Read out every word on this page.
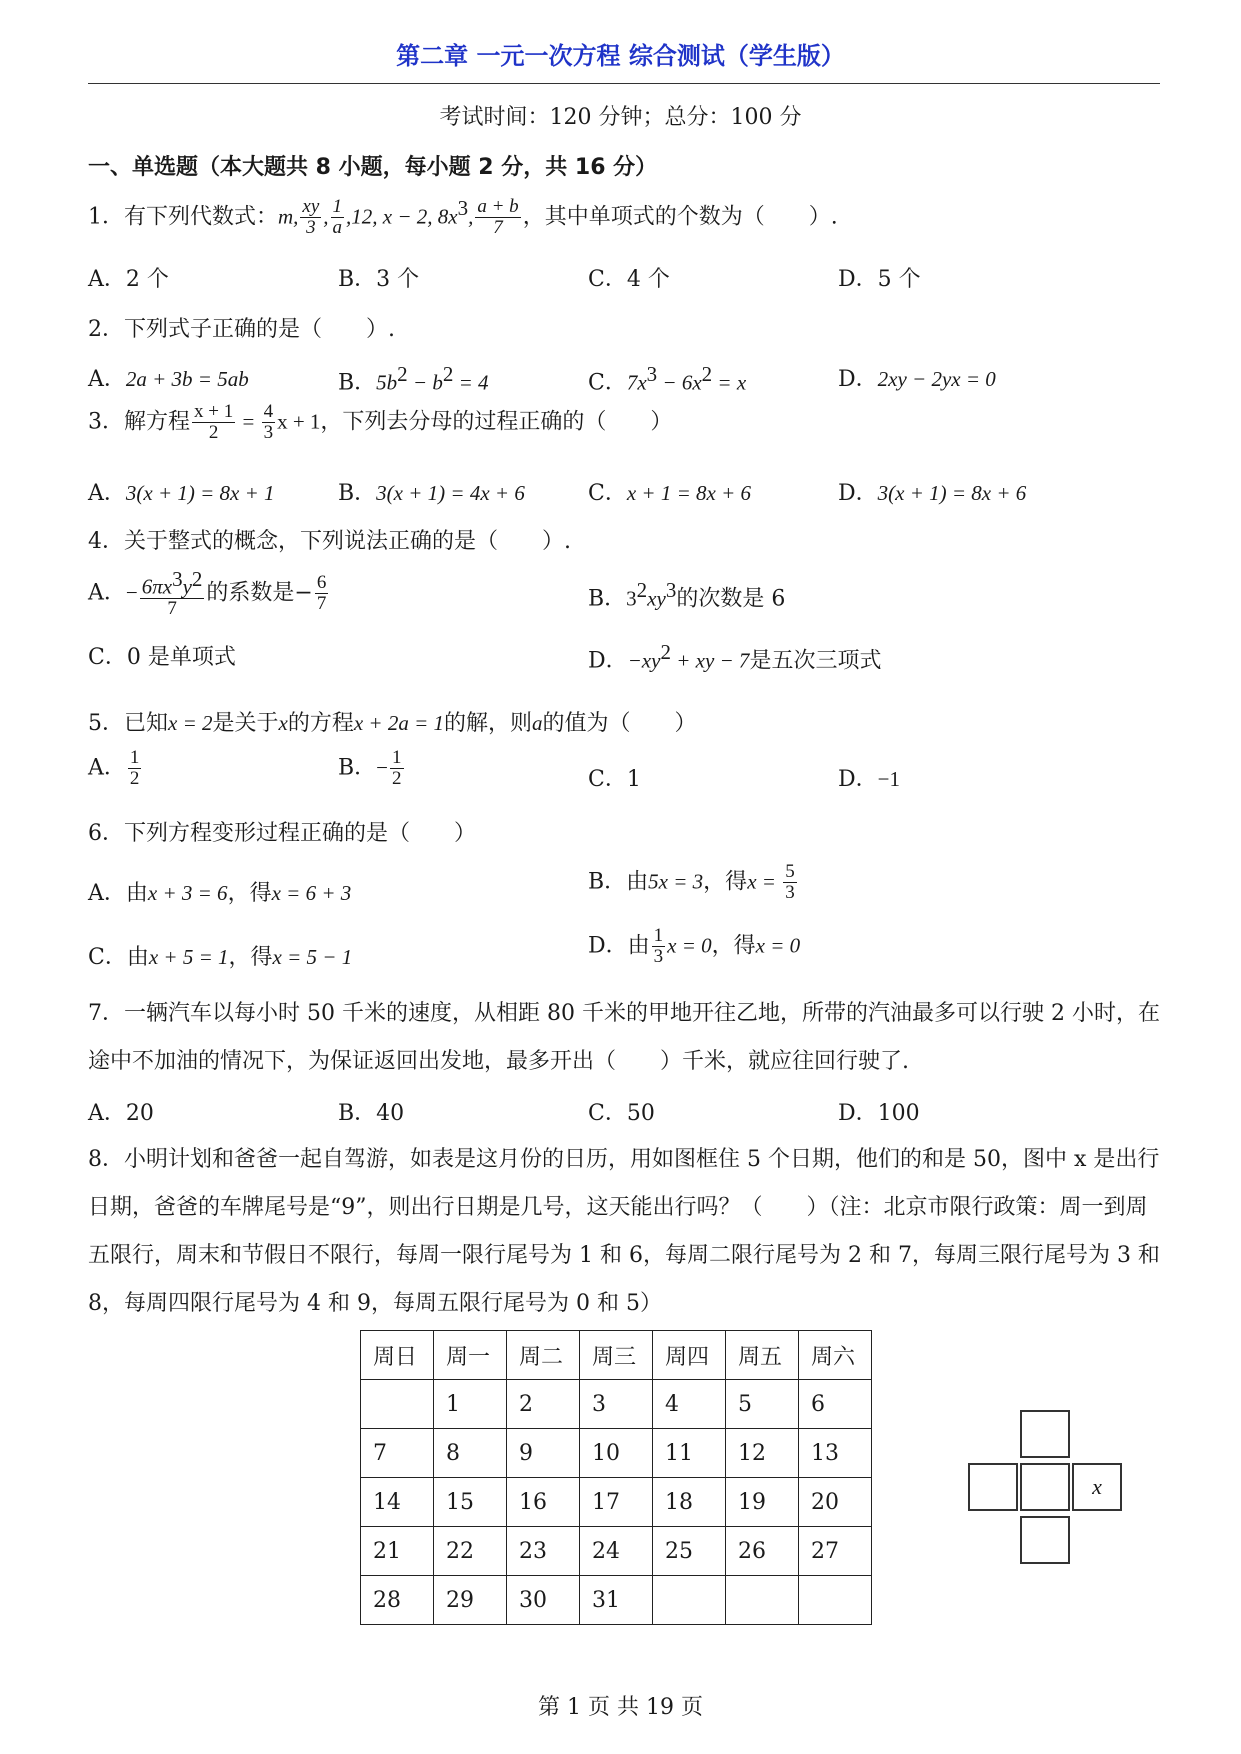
第二章 一元一次方程 综合测试（学生版）
考试时间：120 分钟；总分：100 分
一、单选题（本大题共 8 小题，每小题 2 分，共 16 分）
1．有下列代数式：m, $\frac{xy}{3}$ , $\frac{1}{a} ,12$, x − 2, $8x^3$, $\frac{a + b}{7}$ ，其中单项式的个数为（　　）.
A．2 个	B．3 个	C．4 个	D．5 个
2．下列式子正确的是（　　）.
A．2a + 3b = 5ab	B．$5b^2 - b^2 = 4$	C．$7x^3 - 6x^2 = x$	D．2xy − 2yx = 0
3．解方程 $\frac{x + 1}{2} = \frac{4}{3}$ x + 1，下列去分母的过程正确的（　　）
A．3(x + 1) = 8x + 1	B．3(x + 1) = 4x + 6	C．x + 1 = 8x + 6	D．3(x + 1) = 8x + 6
4．关于整式的概念，下列说法正确的是（　　）.
A．− $\frac{6\pi x^3y^2}{7}$ 的系数是− $\frac{6}{7}$	B．$3^2xy^3$的次数是 6
C．0 是单项式	D．$-xy^2$ + xy − 7是五次三项式
5．已知x = 2是关于x的方程x + 2a = 1的解，则a的值为（　　）
A． $\frac{1}{2}$	B．− $\frac{1}{2}$	C．1	D．−1
6．下列方程变形过程正确的是（　　）
A．由x + 3 = 6，得x = 6 + 3	B．由5x = 3，得$x = \frac{5}{3}$
C．由x + 5 = 1，得x = 5 − 1	D．由 $\frac{1}{3}$ x = 0，得x = 0
7．一辆汽车以每小时 50 千米的速度，从相距 80 千米的甲地开往乙地，所带的汽油最多可以行驶 2 小时，在途中不加油的情况下，为保证返回出发地，最多开出（　　）千米，就应往回行驶了.
A．20	B．40	C．50	D．100
8．小明计划和爸爸一起自驾游，如表是这月份的日历，用如图框住 5 个日期，他们的和是 50，图中 x 是出行日期，爸爸的车牌尾号是“9”，则出行日期是几号，这天能出行吗？（　　）（注：北京市限行政策：周一到周五限行，周末和节假日不限行，每周一限行尾号为 1 和 6，每周二限行尾号为 2 和 7，每周三限行尾号为 3 和 8，每周四限行尾号为 4 和 9，每周五限行尾号为 0 和 5）
周日	周一	周二	周三	周四	周五	周六
	1	2	3	4	5	6
7	8	9	10	11	12	13
14	15	16	17	18	19	20
21	22	23	24	25	26	27
28	29	30	31			
x
第 1 页 共 19 页
